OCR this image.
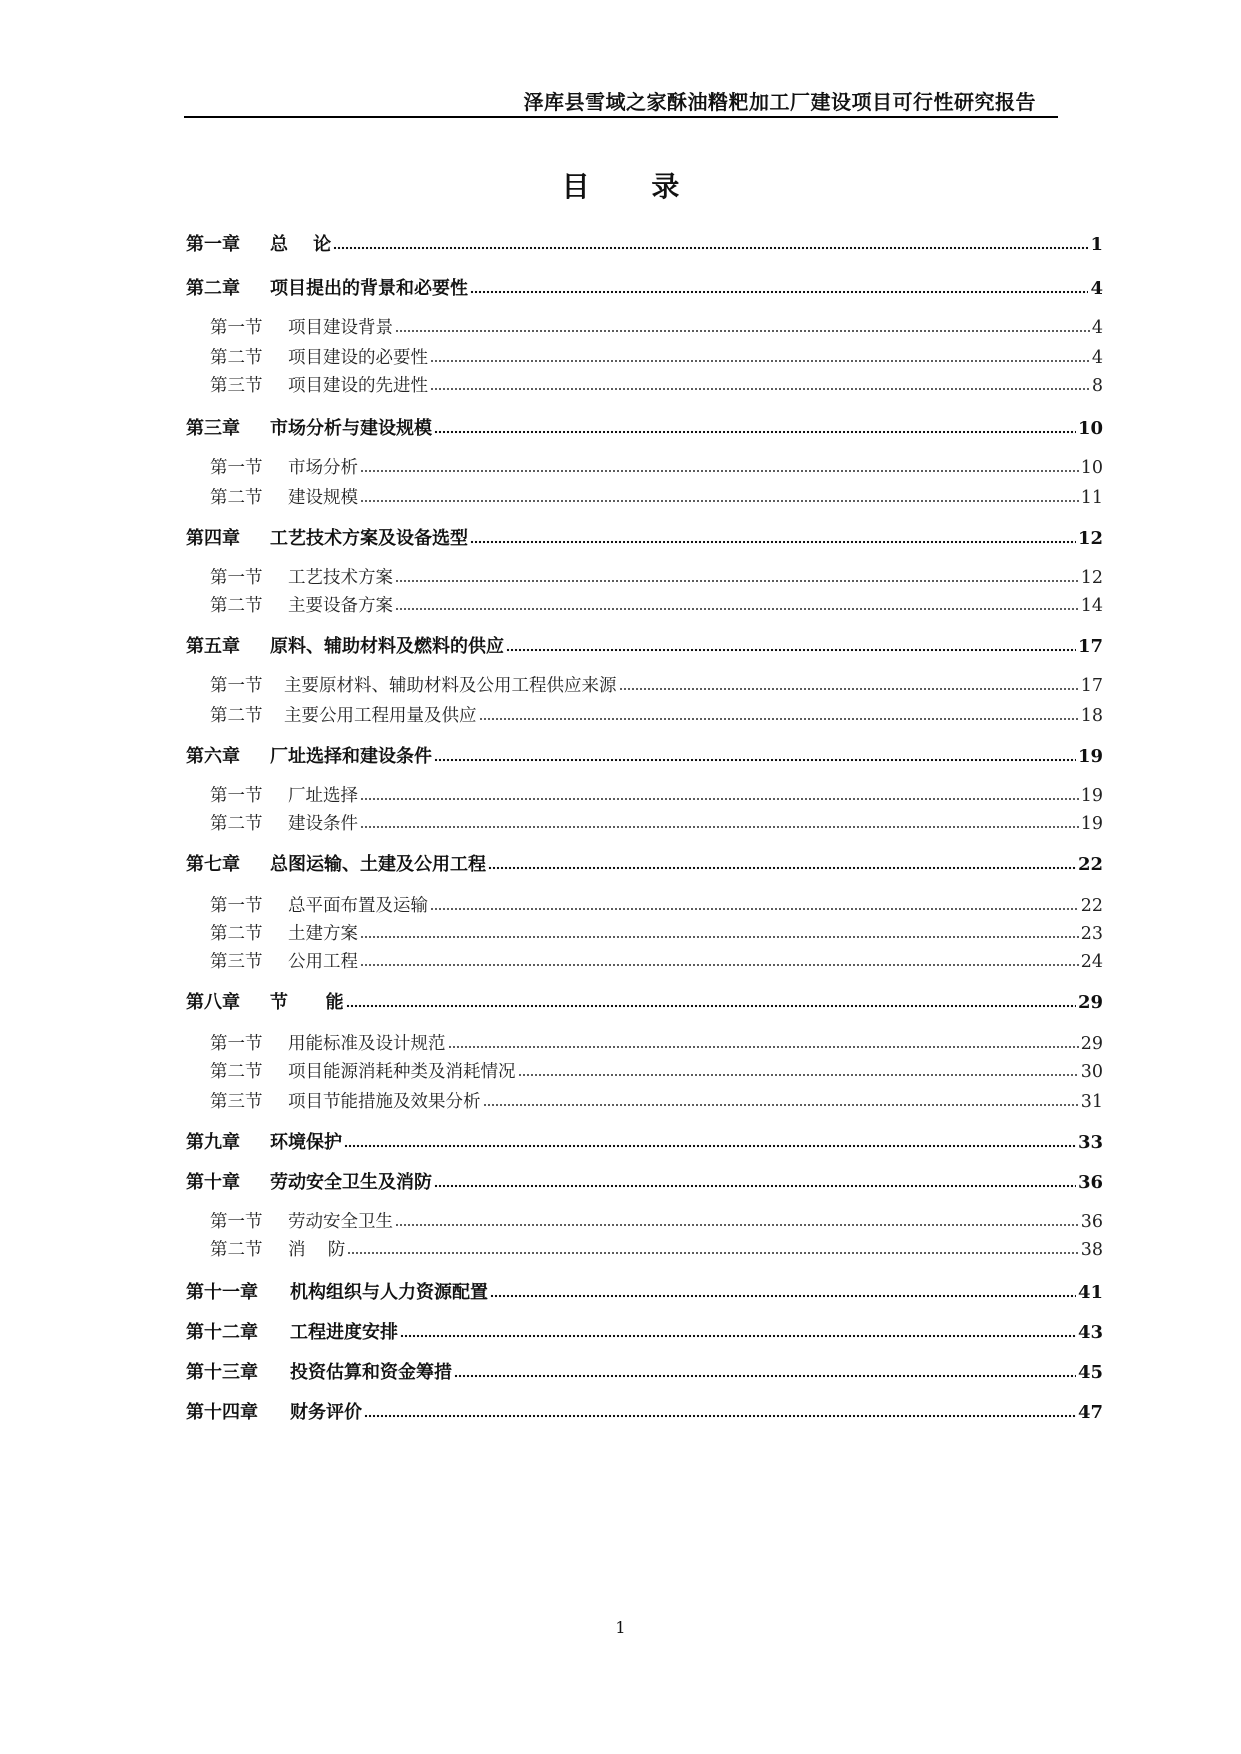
泽库县雪域之家酥油糌粑加工厂建设项目可行性研究报告
目 录
第一章	总    论	1
第二章	项目提出的背景和必要性	4
第一节	项目建设背景	4
第二节	项目建设的必要性	4
第三节	项目建设的先进性	8
第三章	市场分析与建设规模	10
第一节	市场分析	10
第二节	建设规模	11
第四章	工艺技术方案及设备选型	12
第一节	工艺技术方案	12
第二节	主要设备方案	14
第五章	原料、辅助材料及燃料的供应	17
第一节	主要原材料、辅助材料及公用工程供应来源	17
第二节	主要公用工程用量及供应	18
第六章	厂址选择和建设条件	19
第一节	厂址选择	19
第二节	建设条件	19
第七章	总图运输、土建及公用工程	22
第一节	总平面布置及运输	22
第二节	土建方案	23
第三节	公用工程	24
第八章	节      能	29
第一节	用能标准及设计规范	29
第二节	项目能源消耗种类及消耗情况	30
第三节	项目节能措施及效果分析	31
第九章	环境保护	33
第十章	劳动安全卫生及消防	36
第一节	劳动安全卫生	36
第二节	消    防	38
第十一章	机构组织与人力资源配置	41
第十二章	工程进度安排	43
第十三章	投资估算和资金筹措	45
第十四章	财务评价	47
1
